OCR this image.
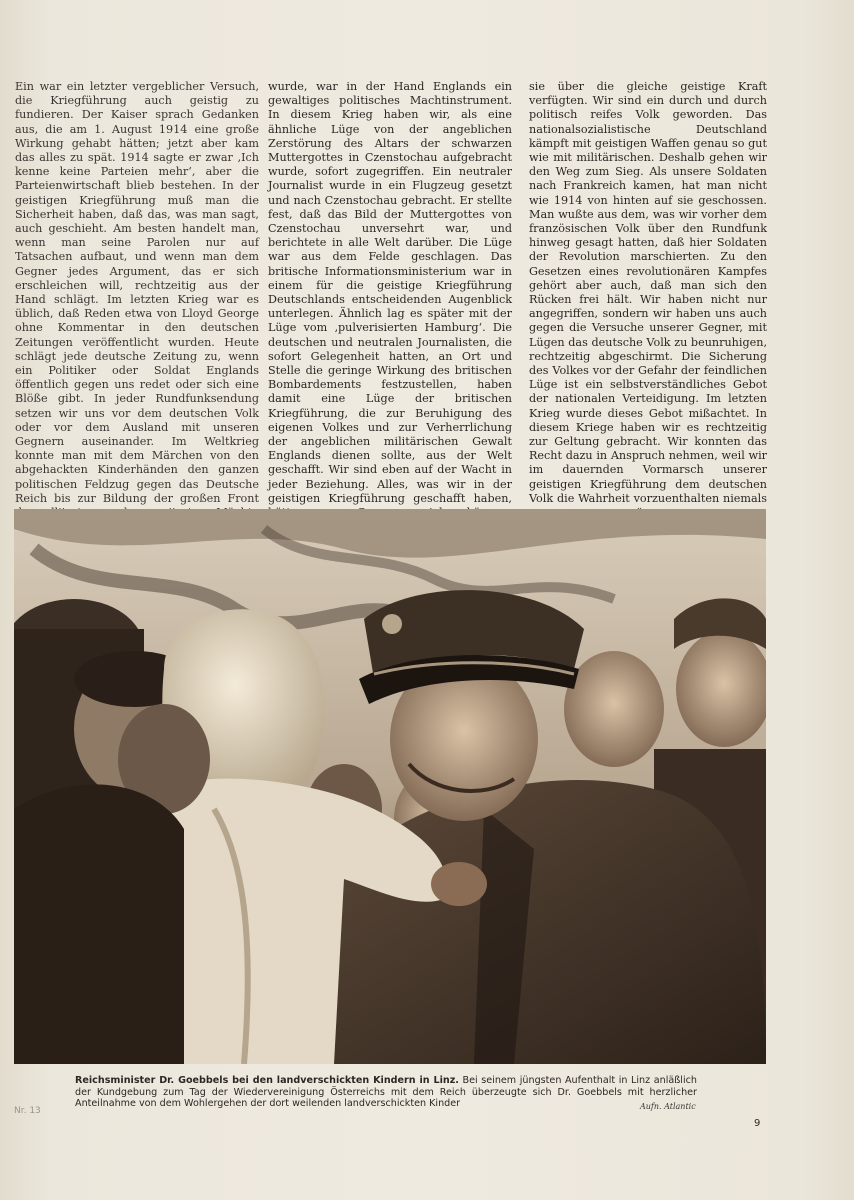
Ein war ein letzter vergeblicher Versuch, die Kriegführung auch geistig zu fundieren. Der Kaiser sprach Gedanken aus, die am 1. August 1914 eine große Wirkung gehabt hätten; jetzt aber kam das alles zu spät. 1914 sagte er zwar ‚Ich kenne keine Parteien mehr‘, aber die Parteienwirtschaft blieb bestehen. In der geistigen Kriegführung muß man die Sicherheit haben, daß das, was man sagt, auch geschieht. Am besten handelt man, wenn man seine Parolen nur auf Tatsachen aufbaut, und wenn man dem Gegner jedes Argument, das er sich erschleichen will, rechtzeitig aus der Hand schlägt. Im letzten Krieg war es üblich, daß Reden etwa von Lloyd George ohne Kommentar in den deutschen Zeitungen veröffentlicht wurden. Heute schlägt jede deutsche Zeitung zu, wenn ein Politiker oder Soldat Englands öffentlich gegen uns redet oder sich eine Blöße gibt. In jeder Rundfunksendung setzen wir uns vor dem deutschen Volk oder vor dem Ausland mit unseren Gegnern auseinander. Im Weltkrieg konnte man mit dem Märchen von den abgehackten Kinderhänden den ganzen politischen Feldzug gegen das Deutsche Reich bis zur Bildung der großen Front

wurde, war in der Hand Englands ein gewaltiges politisches Machtinstrument. In diesem Krieg haben wir, als eine ähnliche Lüge von der angeblichen Zerstörung des Altars der schwarzen Muttergottes in Czenstochau aufgebracht wurde, sofort zugegriffen. Ein neutraler Journalist wurde in ein Flugzeug gesetzt und nach Czenstochau gebracht. Er stellte fest, daß das Bild der Muttergottes von Czenstochau unversehrt war, und berichtete in alle Welt darüber. Die Lüge war aus dem Felde geschlagen. Das britische Informationsministerium war in einem für die geistige Kriegführung Deutschlands entscheidenden Augenblick unterlegen. Ähnlich lag es später mit der Lüge vom ‚pulverisierten Hamburg‘. Die deutschen und neutralen Journalisten, die sofort Gelegenheit hatten, an Ort und Stelle die geringe Wirkung des britischen Bombardements festzustellen, haben damit eine Lüge der britischen Kriegführung, die zur Beruhigung des eigenen Volkes und zur Verherrlichung der angeblichen militärischen Gewalt Englands dienen sollte, aus der Welt geschafft. Wir sind eben auf der Wacht in jeder Beziehung. Alles, was wir in der geistigen Kriegführung geschafft haben,

sie über die gleiche geistige Kraft verfügten. Wir sind ein durch und durch politisch reifes Volk geworden. Das nationalsozialistische Deutschland kämpft mit geistigen Waffen genau so gut wie mit militärischen. Deshalb gehen wir den Weg zum Sieg. Als unsere Soldaten nach Frankreich kamen, hat man nicht wie 1914 von hinten auf sie geschossen. Man wußte aus dem, was wir vorher dem französischen Volk über den Rundfunk hinweg gesagt hatten, daß hier Soldaten der Revolution marschierten. Zu den Gesetzen eines revolutionären Kampfes gehört aber auch, daß man sich den Rücken frei hält. Wir haben nicht nur angegriffen, sondern wir haben uns auch gegen die Versuche unserer Gegner, mit Lügen das deutsche Volk zu beunruhigen, rechtzeitig abgeschirmt. Die Sicherung des Volkes vor der Gefahr der feindlichen Lüge ist ein selbstverständliches Gebot der nationalen Verteidigung. Im letzten Krieg wurde dieses Gebot mißachtet. In diesem Kriege haben wir es rechtzeitig zur Geltung gebracht. Wir konnten das Recht dazu in Anspruch nehmen, weil wir im dauernden Vormarsch unserer geistigen Kriegführung dem deutschen Volk die Wahrheit vorzuenthalten niemals

Reichsminister Dr. Goebbels bei den landverschickten Kindern in Linz. Bei seinem jüngsten Aufenthalt in Linz anläßlich der Kundgebung zum Tag der Wiedervereinigung Österreichs mit dem Reich überzeugte sich Dr. Goebbels mit herzlicher Anteilnahme von dem Wohlergehen der dort weilenden landverschickten Kinder	Aufn. Atlantic
Nr. 13
9
